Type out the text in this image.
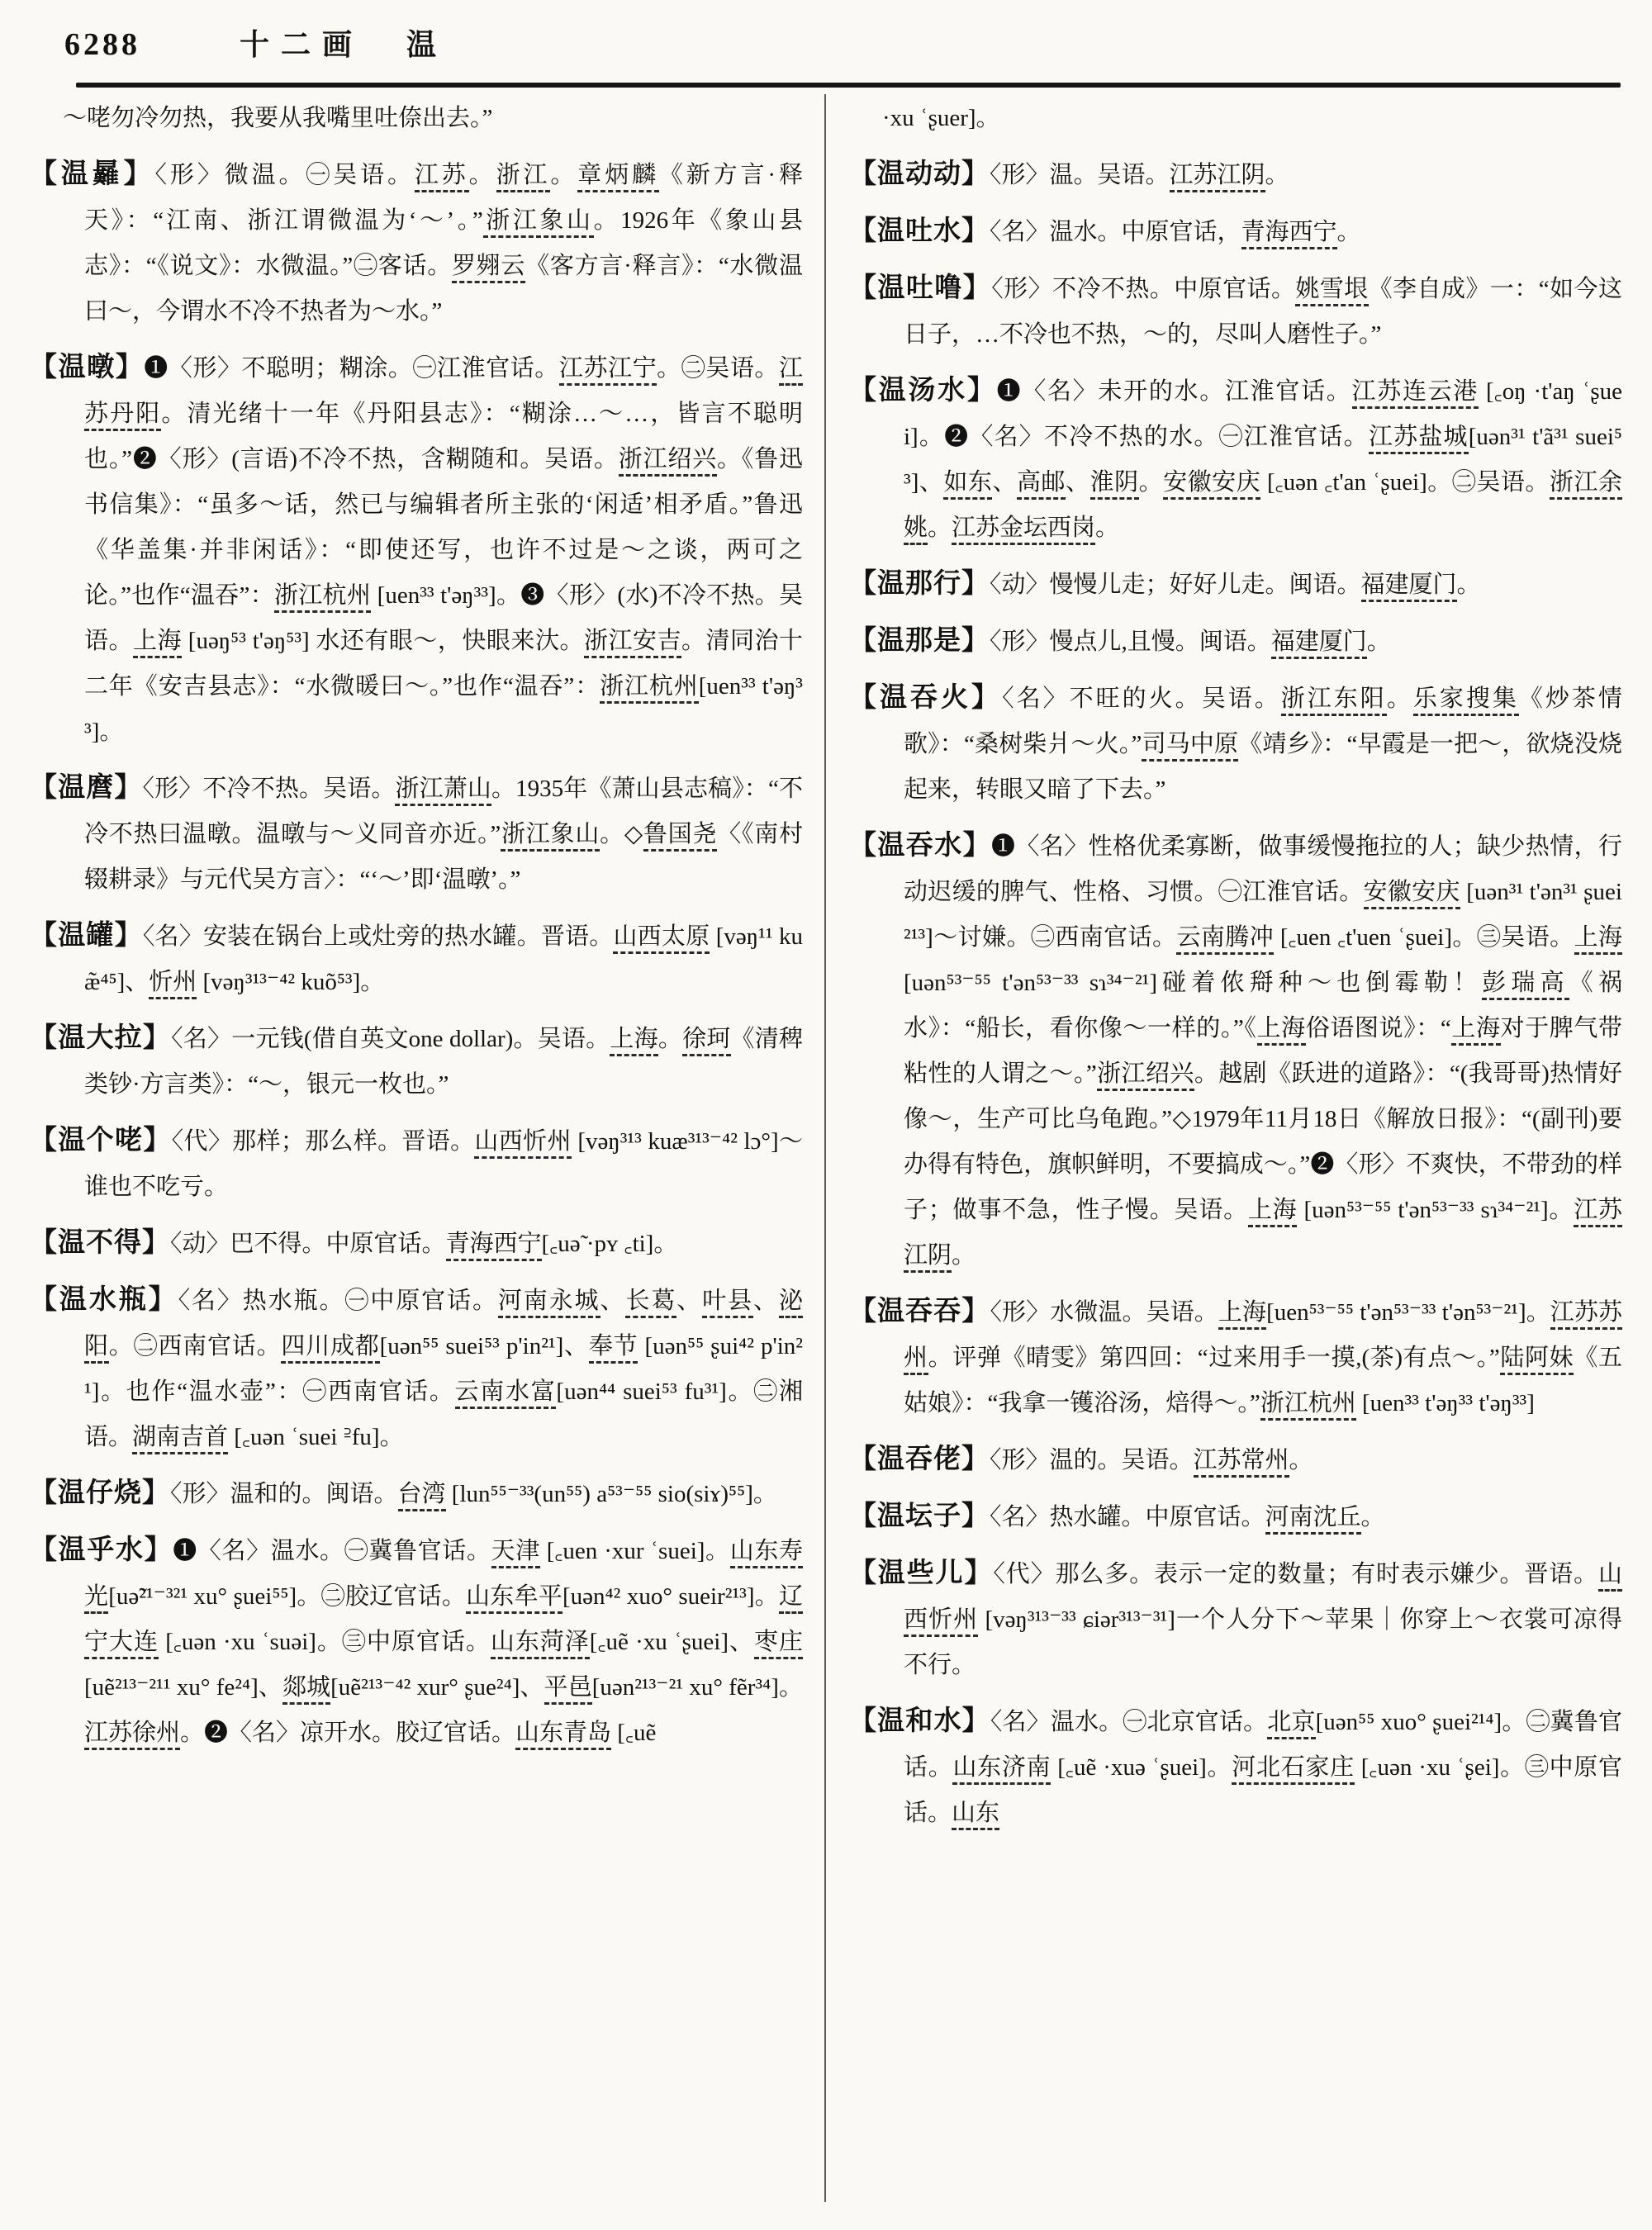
6288	十二画 温
～咾勿冷勿热，我要从我嘴里吐倷出去。”
【温㬮】〈形〉微温。㊀吴语。江苏。浙江。章炳麟《新方言·释天》：“江南、浙江谓微温为‘～’。”浙江象山。1926年《象山县志》：“《说文》：水微温。”㊁客话。罗翙云《客方言·释言》：“水微温曰～，今谓水不冷不热者为～水。”
【温暾】❶〈形〉不聪明；糊涂。㊀江淮官话。江苏江宁。㊁吴语。江苏丹阳。清光绪十一年《丹阳县志》：“糊涂…～…，皆言不聪明也。”❷〈形〉(言语)不冷不热，含糊随和。吴语。浙江绍兴。《鲁迅书信集》：“虽多～话，然已与编辑者所主张的‘闲适’相矛盾。”鲁迅《华盖集·并非闲话》：“即使还写，也许不过是～之谈，两可之论。”也作“温吞”：浙江杭州 [uen³³ t'əŋ³³]。❸〈形〉(水)不冷不热。吴语。上海 [uəŋ⁵³ t'əŋ⁵³] 水还有眼～，快眼来汏。浙江安吉。清同治十二年《安吉县志》：“水微暖曰～。”也作“温吞”：浙江杭州[uen³³ t'əŋ³³]。
【温麿】〈形〉不冷不热。吴语。浙江萧山。1935年《萧山县志稿》：“不冷不热曰温暾。温暾与～义同音亦近。”浙江象山。◇鲁国尧〈《南村辍耕录》与元代吴方言〉：“‘～’即‘温暾’。”
【温罐】〈名〉安装在锅台上或灶旁的热水罐。晋语。山西太原 [vəŋ¹¹ kuæ̃⁴⁵]、忻州 [vəŋ³¹³⁻⁴² kuõ⁵³]。
【温大拉】〈名〉一元钱(借自英文one dollar)。吴语。上海。徐珂《清稗类钞·方言类》：“～，银元一枚也。”
【温个咾】〈代〉那样；那么样。晋语。山西忻州 [vəŋ³¹³ kuæ³¹³⁻⁴² lɔ°]～谁也不吃亏。
【温不得】〈动〉巴不得。中原官话。青海西宁[꜀uə̃ ·pʏ ꜀ti]。
【温水瓶】〈名〉热水瓶。㊀中原官话。河南永城、长葛、叶县、泌阳。㊁西南官话。四川成都[uən⁵⁵ suei⁵³ p'in²¹]、奉节 [uən⁵⁵ ʂui⁴² p'in²¹]。也作“温水壶”：㊀西南官话。云南水富[uən⁴⁴ suei⁵³ fu³¹]。㊁湘语。湖南吉首 [꜀uən ʿsuei ꜅fu]。
【温仔烧】〈形〉温和的。闽语。台湾 [lun⁵⁵⁻³³(un⁵⁵) a⁵³⁻⁵⁵ sio(siɤ)⁵⁵]。
【温乎水】❶〈名〉温水。㊀冀鲁官话。天津 [꜀uen ·xur ʿsuei]。山东寿光[uə̃²¹⁻³²¹ xu° ʂuei⁵⁵]。㊁胶辽官话。山东牟平[uən⁴² xuo° sueir²¹³]。辽宁大连 [꜀uən ·xu ʿsuəi]。㊂中原官话。山东菏泽[꜀uẽ ·xu ʿʂuei]、枣庄 [uẽ²¹³⁻²¹¹ xu° fe²⁴]、郯城[uẽ²¹³⁻⁴² xur° ʂue²⁴]、平邑[uən²¹³⁻²¹ xu° fẽr³⁴]。江苏徐州。❷〈名〉凉开水。胶辽官话。山东青岛 [꜀uẽ
·xu ʿʂuer]。
【温动动】〈形〉温。吴语。江苏江阴。
【温吐水】〈名〉温水。中原官话，青海西宁。
【温吐噜】〈形〉不冷不热。中原官话。姚雪垠《李自成》一：“如今这日子，…不冷也不热，～的，尽叫人磨性子。”
【温汤水】❶〈名〉未开的水。江淮官话。江苏连云港 [꜀oŋ ·t'aŋ ʿʂuei]。❷〈名〉不冷不热的水。㊀江淮官话。江苏盐城[uən³¹ t'ã³¹ suei⁵³]、如东、高邮、淮阴。安徽安庆 [꜀uən ꜀t'an ʿʂuei]。㊁吴语。浙江余姚。江苏金坛西岗。
【温那行】〈动〉慢慢儿走；好好儿走。闽语。福建厦门。
【温那是】〈形〉慢点儿,且慢。闽语。福建厦门。
【温吞火】〈名〉不旺的火。吴语。浙江东阳。乐家搜集《炒茶情歌》：“桑树柴爿～火。”司马中原《靖乡》：“早霞是一把～，欲烧没烧起来，转眼又暗了下去。”
【温吞水】❶〈名〉性格优柔寡断，做事缓慢拖拉的人；缺少热情，行动迟缓的脾气、性格、习惯。㊀江淮官话。安徽安庆 [uən³¹ t'ən³¹ ʂuei²¹³]～讨嫌。㊁西南官话。云南腾冲 [꜀uen ꜀t'uen ʿʂuei]。㊂吴语。上海 [uən⁵³⁻⁵⁵ t'ən⁵³⁻³³ sɿ³⁴⁻²¹]碰着侬搿种～也倒霉勒！彭瑞高《祸水》：“船长，看你像～一样的。”《上海俗语图说》：“上海对于脾气带粘性的人谓之～。”浙江绍兴。越剧《跃进的道路》：“(我哥哥)热情好像～，生产可比乌龟跑。”◇1979年11月18日《解放日报》：“(副刊)要办得有特色，旗帜鲜明，不要搞成～。”❷〈形〉不爽快，不带劲的样子；做事不急，性子慢。吴语。上海 [uən⁵³⁻⁵⁵ t'ən⁵³⁻³³ sɿ³⁴⁻²¹]。江苏江阴。
【温吞吞】〈形〉水微温。吴语。上海[uen⁵³⁻⁵⁵ t'ən⁵³⁻³³ t'ən⁵³⁻²¹]。江苏苏州。评弹《晴雯》第四回：“过来用手一摸,(茶)有点～。”陆阿妹《五姑娘》：“我拿一镬浴汤，焙得～。”浙江杭州 [uen³³ t'əŋ³³ t'əŋ³³]
【温吞佬】〈形〉温的。吴语。江苏常州。
【温坛子】〈名〉热水罐。中原官话。河南沈丘。
【温些儿】〈代〉那么多。表示一定的数量；有时表示嫌少。晋语。山西忻州 [vəŋ³¹³⁻³³ ɕiər³¹³⁻³¹]一个人分下～苹果｜你穿上～衣裳可凉得不行。
【温和水】〈名〉温水。㊀北京官话。北京[uən⁵⁵ xuo° ʂuei²¹⁴]。㊁冀鲁官话。山东济南 [꜀uẽ ·xuə ʿʂuei]。河北石家庄 [꜀uən ·xu ʿʂei]。㊂中原官话。山东
